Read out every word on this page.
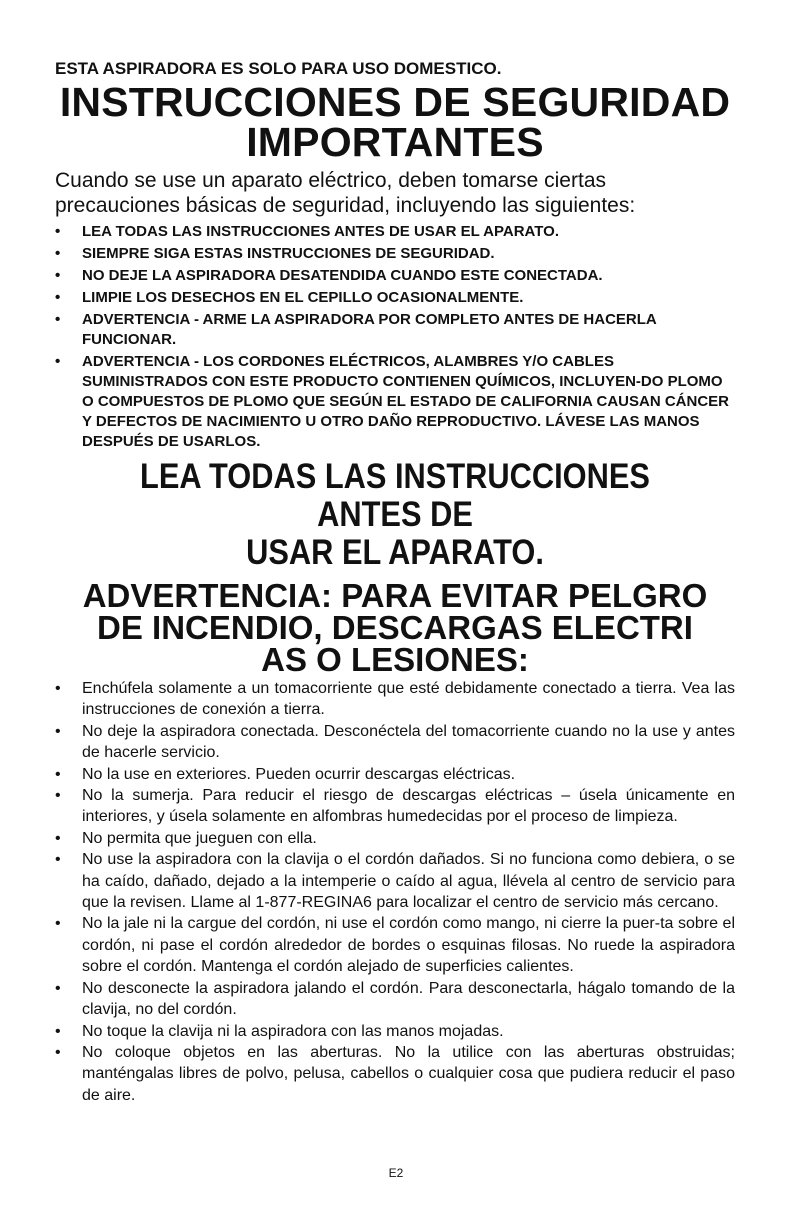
ESTA ASPIRADORA ES SOLO PARA USO DOMESTICO.

INSTRUCCIONES DE SEGURIDAD
IMPORTANTES

Cuando se use un aparato eléctrico, deben tomarse ciertas precauciones básicas de seguridad, incluyendo las siguientes:

• LEA TODAS LAS INSTRUCCIONES ANTES DE USAR EL APARATO.
• SIEMPRE SIGA ESTAS INSTRUCCIONES DE SEGURIDAD.
• NO DEJE LA ASPIRADORA DESATENDIDA CUANDO ESTE CONECTADA.
• LIMPIE LOS DESECHOS EN EL CEPILLO OCASIONALMENTE.
• ADVERTENCIA - ARME LA ASPIRADORA POR COMPLETO ANTES DE HACERLA FUNCIONAR.
• ADVERTENCIA - LOS CORDONES ELÉCTRICOS, ALAMBRES Y/O CABLES SUMINISTRADOS CON ESTE PRODUCTO CONTIENEN QUÍMICOS, INCLUYEN-DO PLOMO O COMPUESTOS DE PLOMO QUE SEGÚN EL ESTADO DE CALIFORNIA CAUSAN CÁNCER Y DEFECTOS DE NACIMIENTO U OTRO DAÑO REPRODUCTIVO. LÁVESE LAS MANOS DESPUÉS DE USARLOS.
LEA TODAS LAS INSTRUCCIONES ANTES DE
USAR EL APARATO.
ADVERTENCIA: PARA EVITAR PELGRO
DE INCENDIO, DESCARGAS ELECTRI
AS O LESIONES:
• Enchúfela solamente a un tomacorriente que esté debidamente conectado a tierra. Vea las instrucciones de conexión a tierra.
• No deje la aspiradora conectada. Desconéctela del tomacorriente cuando no la use y antes de hacerle servicio.
• No la use en exteriores. Pueden ocurrir descargas eléctricas.
• No la sumerja. Para reducir el riesgo de descargas eléctricas – úsela únicamente en interiores, y úsela solamente en alfombras humedecidas por el proceso de limpieza.
• No permita que jueguen con ella.
• No use la aspiradora con la clavija o el cordón dañados. Si no funciona como debiera, o se ha caído, dañado, dejado a la intemperie o caído al agua, llévela al centro de servicio para que la revisen. Llame al 1-877-REGINA6 para localizar el centro de servicio más cercano.
• No la jale ni la cargue del cordón, ni use el cordón como mango, ni cierre la puer-ta sobre el cordón, ni pase el cordón alrededor de bordes o esquinas filosas. No ruede la aspiradora sobre el cordón. Mantenga el cordón alejado de superficies calientes.
• No desconecte la aspiradora jalando el cordón. Para desconectarla, hágalo tomando de la clavija, no del cordón.
• No toque la clavija ni la aspiradora con las manos mojadas.
• No coloque objetos en las aberturas. No la utilice con las aberturas obstruidas; manténgalas libres de polvo, pelusa, cabellos o cualquier cosa que pudiera reducir el paso de aire.
E2
